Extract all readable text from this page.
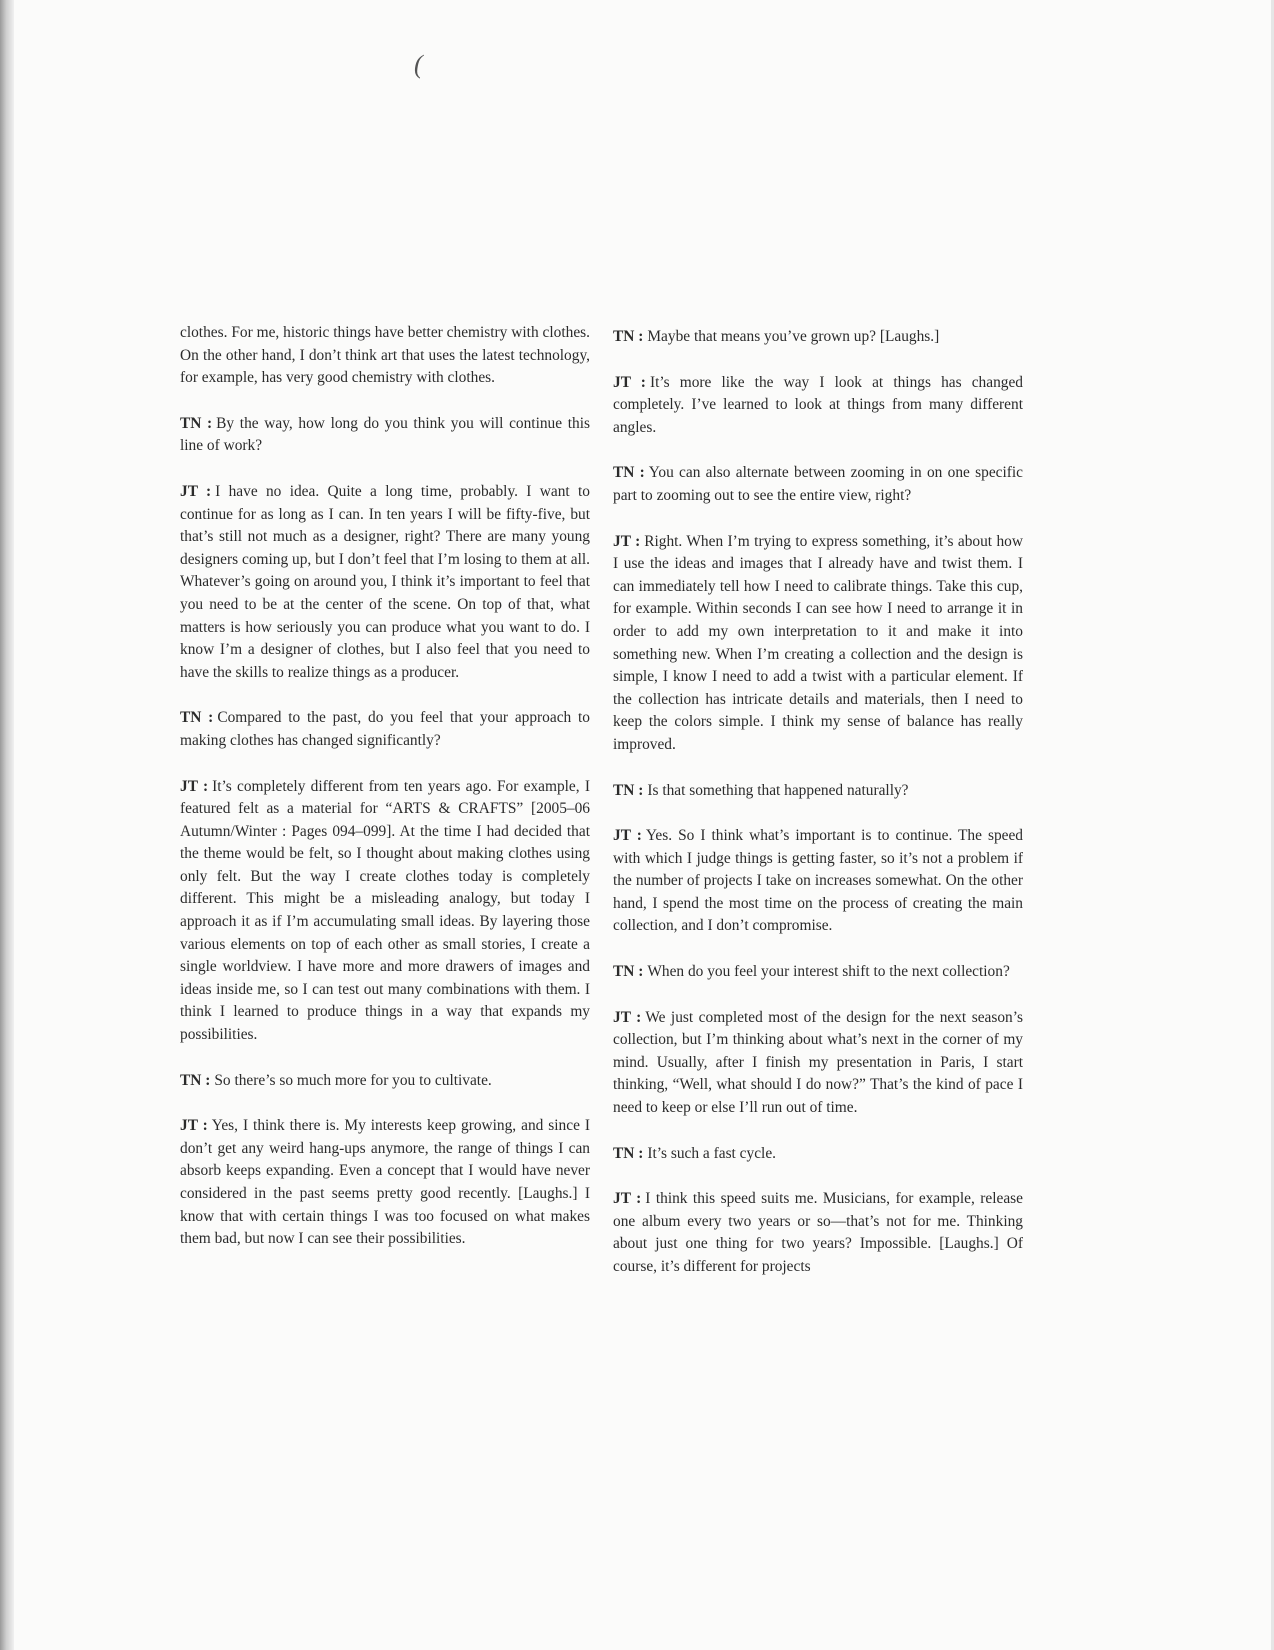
(

clothes. For me, historic things have better chemistry with clothes. On the other hand, I don’t think art that uses the latest technology, for example, has very good chemistry with clothes.

TN : By the way, how long do you think you will continue this line of work?

JT : I have no idea. Quite a long time, probably. I want to continue for as long as I can. In ten years I will be fifty-five, but that’s still not much as a designer, right? There are many young designers coming up, but I don’t feel that I’m losing to them at all. Whatever’s going on around you, I think it’s important to feel that you need to be at the center of the scene. On top of that, what matters is how seriously you can produce what you want to do. I know I’m a designer of clothes, but I also feel that you need to have the skills to realize things as a producer.

TN : Compared to the past, do you feel that your approach to making clothes has changed significantly?

JT : It’s completely different from ten years ago. For example, I featured felt as a material for “ARTS & CRAFTS” [2005–06 Autumn/Winter : Pages 094–099]. At the time I had decided that the theme would be felt, so I thought about making clothes using only felt. But the way I create clothes today is completely different. This might be a misleading analogy, but today I approach it as if I’m accumulating small ideas. By layering those various elements on top of each other as small stories, I create a single worldview. I have more and more drawers of images and ideas inside me, so I can test out many combinations with them. I think I learned to produce things in a way that expands my possibilities.

TN : So there’s so much more for you to cultivate.

JT : Yes, I think there is. My interests keep growing, and since I don’t get any weird hang-ups anymore, the range of things I can absorb keeps expanding. Even a concept that I would have never considered in the past seems pretty good recently. [Laughs.] I know that with certain things I was too focused on what makes them bad, but now I can see their possibilities.

TN : Maybe that means you’ve grown up? [Laughs.]

JT : It’s more like the way I look at things has changed completely. I’ve learned to look at things from many different angles.

TN : You can also alternate between zooming in on one specific part to zooming out to see the entire view, right?

JT : Right. When I’m trying to express something, it’s about how I use the ideas and images that I already have and twist them. I can immediately tell how I need to calibrate things. Take this cup, for example. Within seconds I can see how I need to arrange it in order to add my own interpretation to it and make it into something new. When I’m creating a collection and the design is simple, I know I need to add a twist with a particular element. If the collection has intricate details and materials, then I need to keep the colors simple. I think my sense of balance has really improved.

TN : Is that something that happened naturally?

JT : Yes. So I think what’s important is to continue. The speed with which I judge things is getting faster, so it’s not a problem if the number of projects I take on increases somewhat. On the other hand, I spend the most time on the process of creating the main collection, and I don’t compromise.

TN : When do you feel your interest shift to the next collection?

JT : We just completed most of the design for the next season’s collection, but I’m thinking about what’s next in the corner of my mind. Usually, after I finish my presentation in Paris, I start thinking, “Well, what should I do now?” That’s the kind of pace I need to keep or else I’ll run out of time.

TN : It’s such a fast cycle.

JT : I think this speed suits me. Musicians, for example, release one album every two years or so—that’s not for me. Thinking about just one thing for two years? Impossible. [Laughs.] Of course, it’s different for projects
